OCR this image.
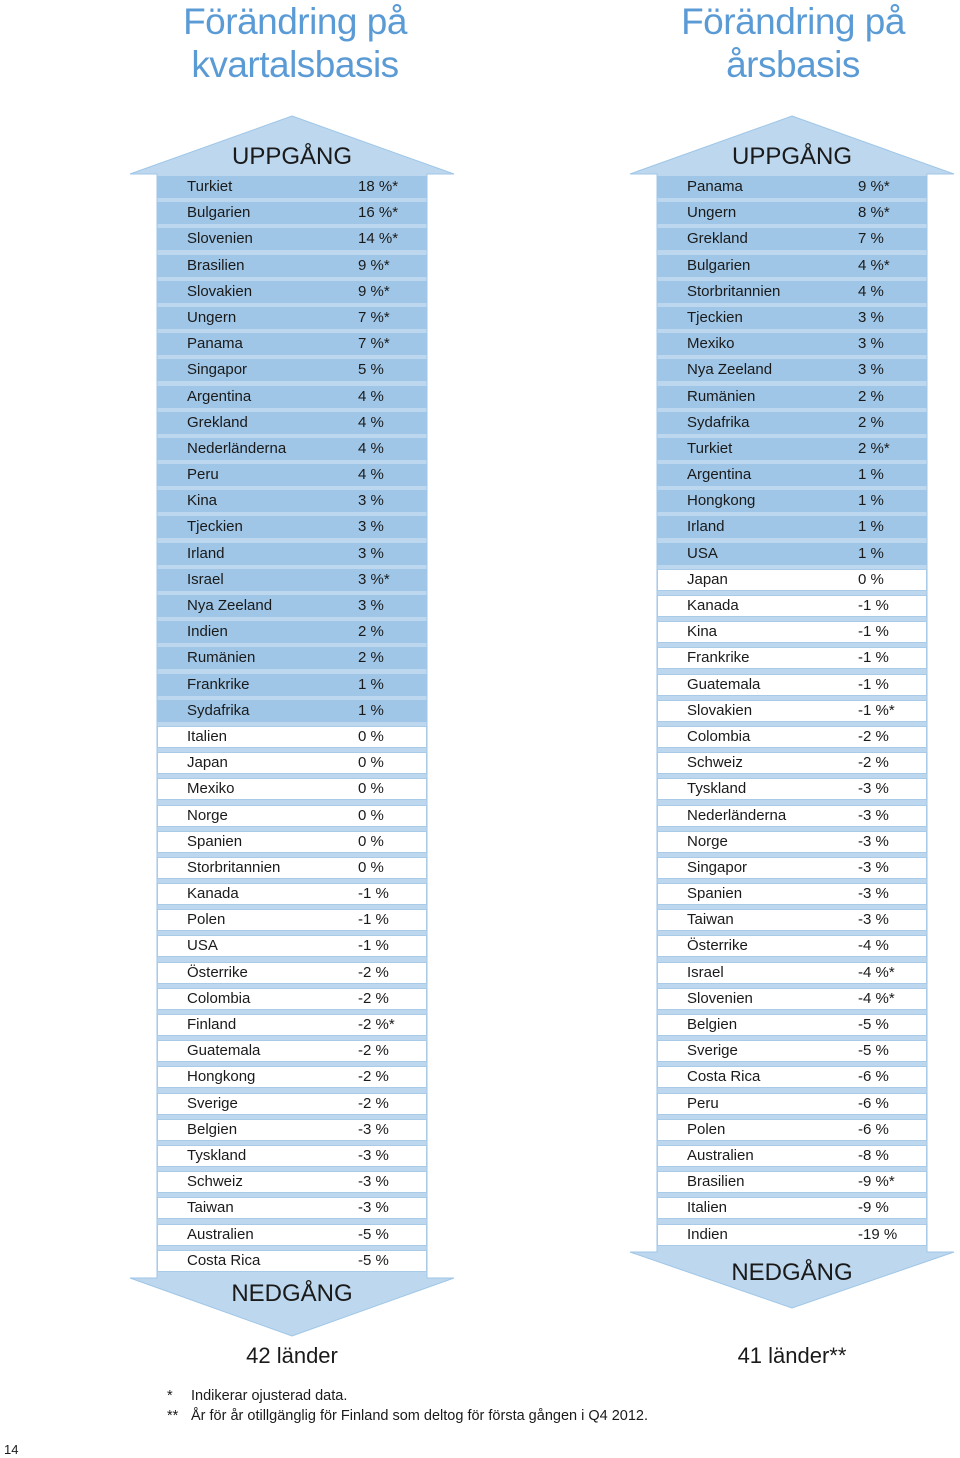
Förändring på
kvartalsbasis
Förändring på
årsbasis
UPPGÅNG
Turkiet	18 %*
Bulgarien	16 %*
Slovenien	14 %*
Brasilien	9 %*
Slovakien	9 %*
Ungern	7 %*
Panama	7 %*
Singapor	5 %
Argentina	4 %
Grekland	4 %
Nederländerna	4 %
Peru	4 %
Kina	3 %
Tjeckien	3 %
Irland	3 %
Israel	3 %*
Nya Zeeland	3 %
Indien	2 %
Rumänien	2 %
Frankrike	1 %
Sydafrika	1 %
Italien	0 %
Japan	0 %
Mexiko	0 %
Norge	0 %
Spanien	0 %
Storbritannien	0 %
Kanada	-1 %
Polen	-1 %
USA	-1 %
Österrike	-2 %
Colombia	-2 %
Finland	-2 %*
Guatemala	-2 %
Hongkong	-2 %
Sverige	-2 %
Belgien	-3 %
Tyskland	-3 %
Schweiz	-3 %
Taiwan	-3 %
Australien	-5 %
Costa Rica	-5 %
NEDGÅNG
UPPGÅNG
Panama	9 %*
Ungern	8 %*
Grekland	7 %
Bulgarien	4 %*
Storbritannien	4 %
Tjeckien	3 %
Mexiko	3 %
Nya Zeeland	3 %
Rumänien	2 %
Sydafrika	2 %
Turkiet	2 %*
Argentina	1 %
Hongkong	1 %
Irland	1 %
USA	1 %
Japan	0 %
Kanada	-1 %
Kina	-1 %
Frankrike	-1 %
Guatemala	-1 %
Slovakien	-1 %*
Colombia	-2 %
Schweiz	-2 %
Tyskland	-3 %
Nederländerna	-3 %
Norge	-3 %
Singapor	-3 %
Spanien	-3 %
Taiwan	-3 %
Österrike	-4 %
Israel	-4 %*
Slovenien	-4 %*
Belgien	-5 %
Sverige	-5 %
Costa Rica	-6 %
Peru	-6 %
Polen	-6 %
Australien	-8 %
Brasilien	-9 %*
Italien	-9 %
Indien	-19 %
NEDGÅNG
42 länder	41 länder**
* Indikerar ojusterad data.
** År för år otillgänglig för Finland som deltog för första gången i Q4 2012.
14
